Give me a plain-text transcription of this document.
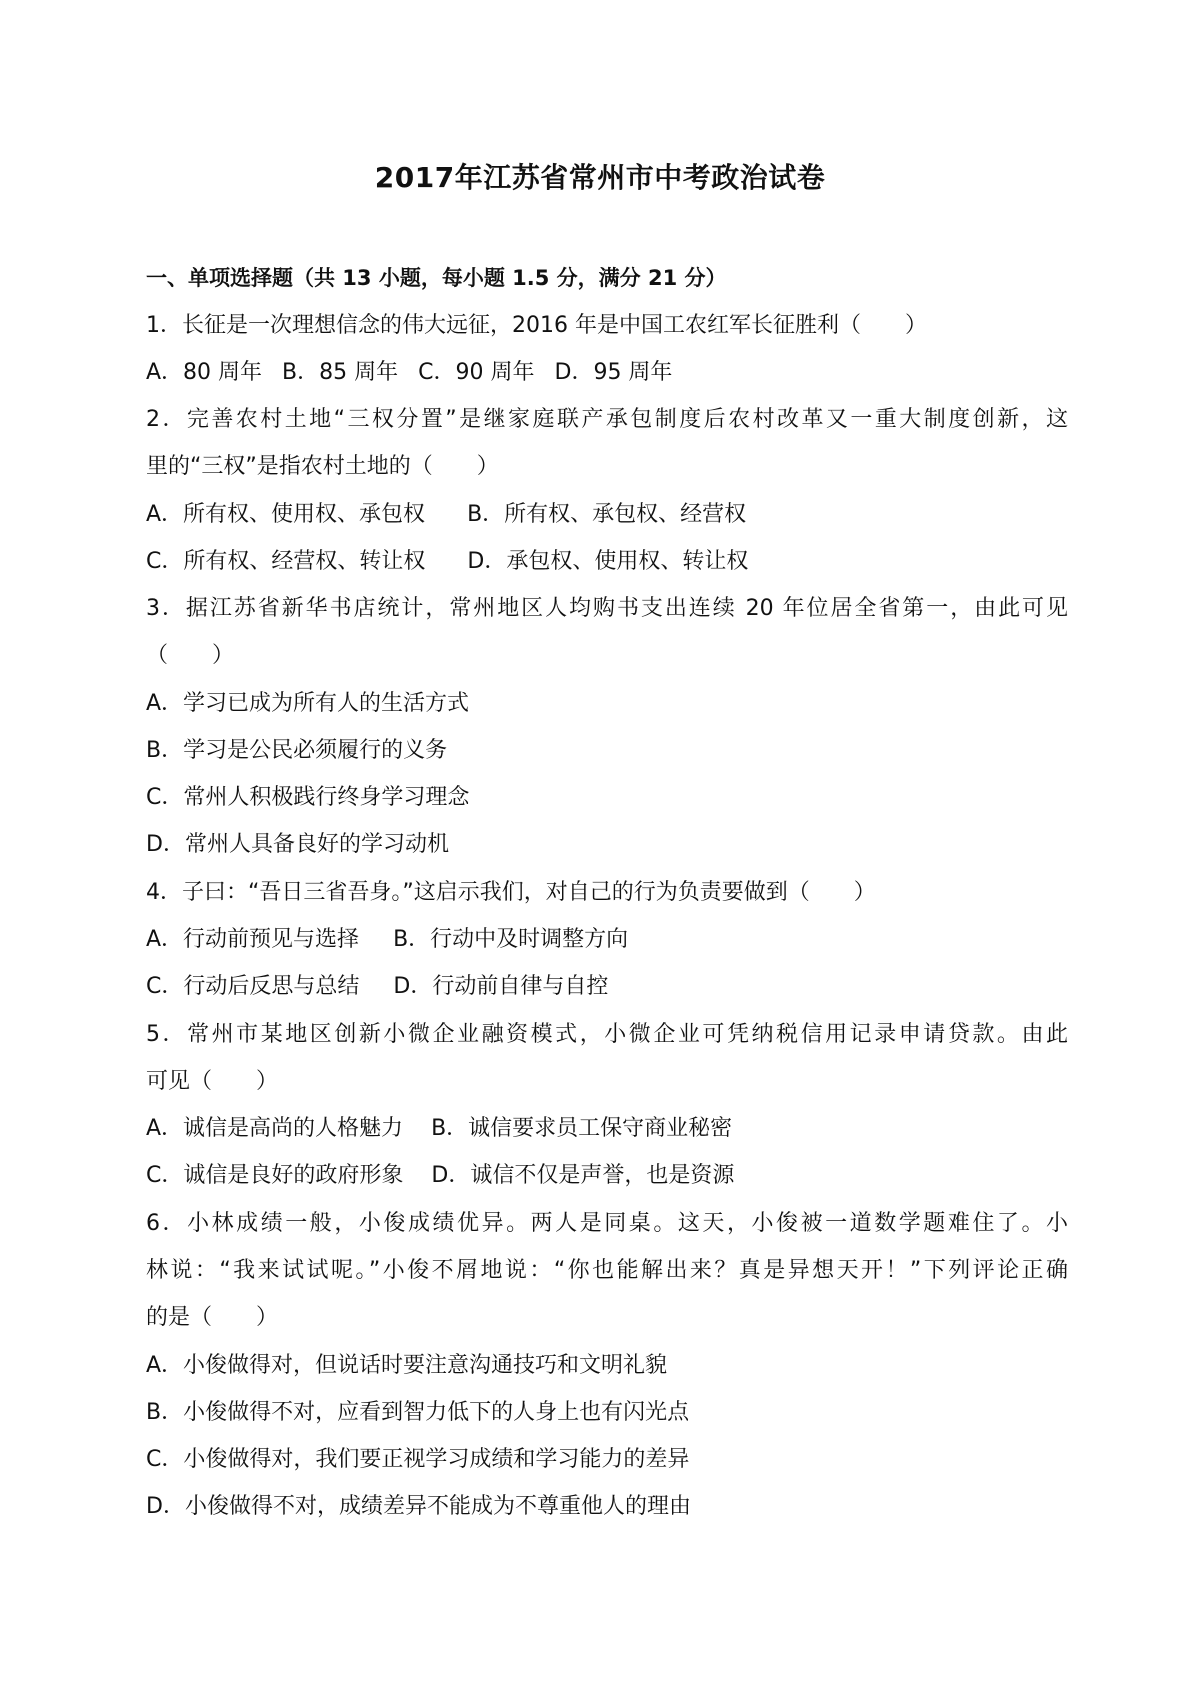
2017年江苏省常州市中考政治试卷
一、单项选择题（共 13 小题，每小题 1.5 分，满分 21 分）
1．长征是一次理想信念的伟大远征，2016 年是中国工农红军长征胜利（　　）
A．80 周年 B．85 周年 C．90 周年 D．95 周年
2．完善农村土地“三权分置”是继家庭联产承包制度后农村改革又一重大制度创新，这
里的“三权”是指农村土地的（　　）
A．所有权、使用权、承包权 B．所有权、承包权、经营权
C．所有权、经营权、转让权 D．承包权、使用权、转让权
3．据江苏省新华书店统计，常州地区人均购书支出连续 20 年位居全省第一，由此可见
（　　）
A．学习已成为所有人的生活方式
B．学习是公民必须履行的义务
C．常州人积极践行终身学习理念
D．常州人具备良好的学习动机
4．子曰：“吾日三省吾身。”这启示我们，对自己的行为负责要做到（　　）
A．行动前预见与选择 B．行动中及时调整方向
C．行动后反思与总结 D．行动前自律与自控
5．常州市某地区创新小微企业融资模式，小微企业可凭纳税信用记录申请贷款。由此
可见（　　）
A．诚信是高尚的人格魅力 B．诚信要求员工保守商业秘密
C．诚信是良好的政府形象 D．诚信不仅是声誉，也是资源
6．小林成绩一般，小俊成绩优异。两人是同桌。这天，小俊被一道数学题难住了。小
林说：“我来试试呢。”小俊不屑地说：“你也能解出来？真是异想天开！”下列评论正确
的是（　　）
A．小俊做得对，但说话时要注意沟通技巧和文明礼貌
B．小俊做得不对，应看到智力低下的人身上也有闪光点
C．小俊做得对，我们要正视学习成绩和学习能力的差异
D．小俊做得不对，成绩差异不能成为不尊重他人的理由
